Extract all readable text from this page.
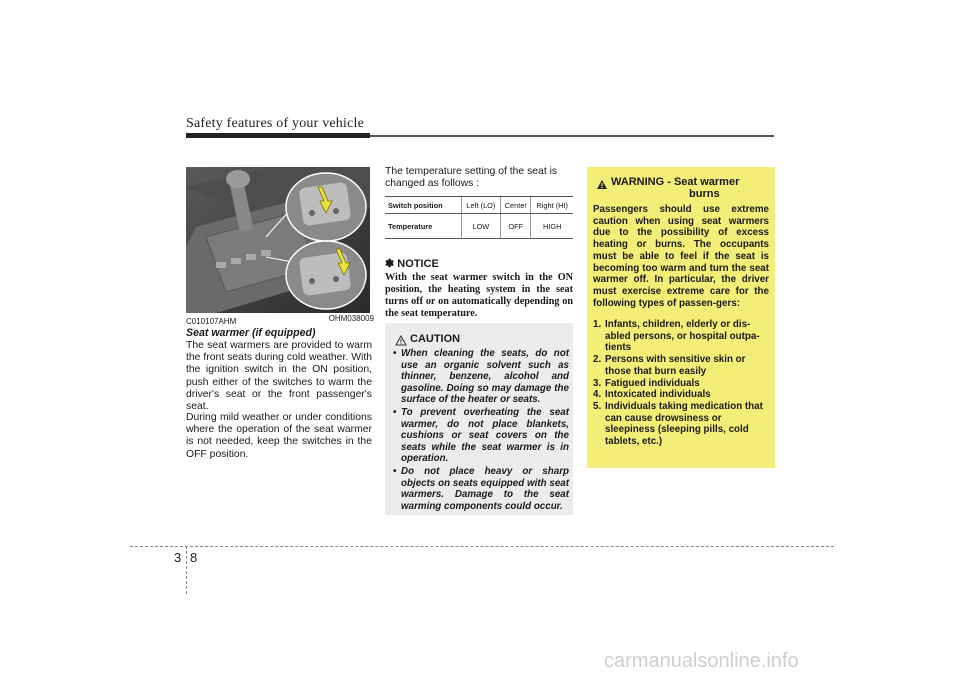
Safety features of your vehicle
OHM038009
C010107AHM
Seat warmer (if equipped)
The seat warmers are provided to warm the front seats during cold weather. With the ignition switch in the ON position, push either of the switches to warm the driver's seat or the front passenger's seat.
During mild weather or under conditions where the operation of the seat warmer is not needed, keep the switches in the OFF position.
The temperature setting of the seat is changed as follows :
Switch position	Left (LO)	Center	Right (HI)
Temperature	LOW	OFF	HIGH
✽ NOTICE
With the seat warmer switch in the ON position, the heating system in the seat turns off or on automatically depending on the seat temperature.
CAUTION
• When cleaning the seats, do not use an organic solvent such as thinner, benzene, alcohol and gasoline. Doing so may damage the surface of the heater or seats.
• To prevent overheating the seat warmer, do not place blankets, cushions or seat covers on the seats while the seat warmer is in operation.
• Do not place heavy or sharp objects on seats equipped with seat warmers. Damage to the seat warming components could occur.
WARNING - Seat warmer
burns
Passengers should use extreme caution when using seat warmers due to the possibility of excess heating or burns. The occupants must be able to feel if the seat is becoming too warm and turn the seat warmer off. In particular, the driver must exercise extreme care for the following types of passen-gers:
1. Infants, children, elderly or dis-abled persons, or hospital outpa-tients
2. Persons with sensitive skin or those that burn easily
3. Fatigued individuals
4. Intoxicated individuals
5. Individuals taking medication that can cause drowsiness or sleepiness (sleeping pills, cold tablets, etc.)
3 8
carmanualsonline.info
